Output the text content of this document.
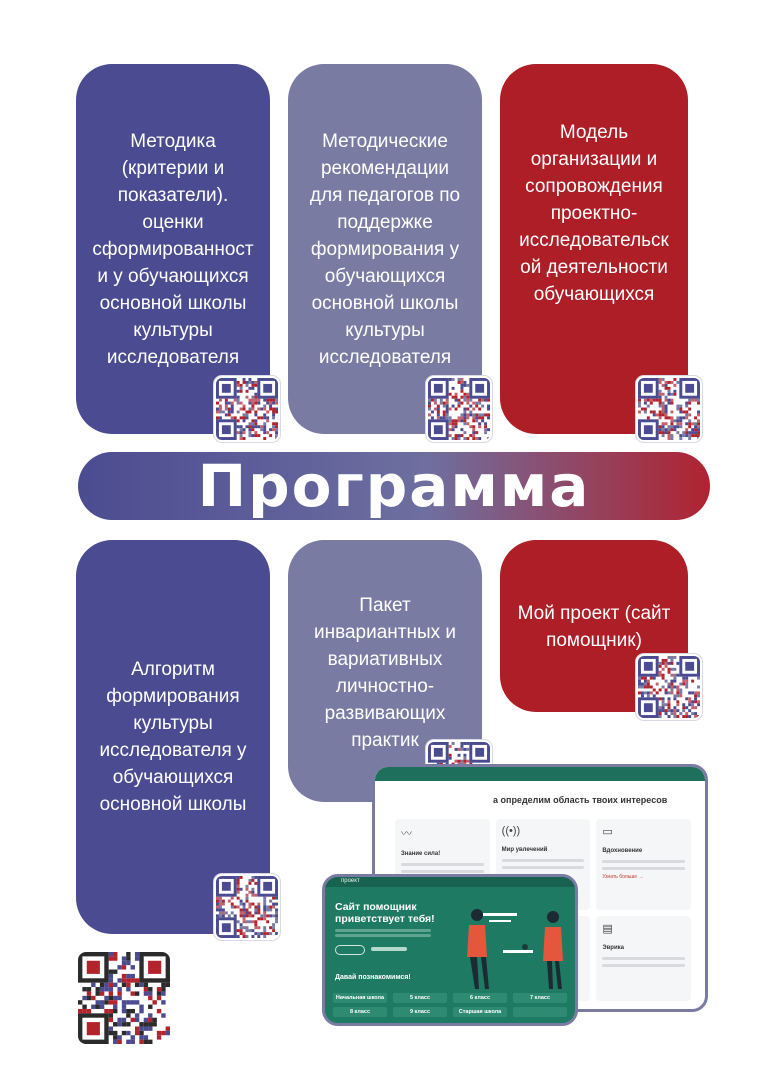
Методика
(критерии и
показатели).
оценки
сформированност
и у обучающихся
основной школы
культуры
исследователя
Методические
рекомендации
для педагогов по
поддержке
формирования у
обучающихся
основной школы
культуры
исследователя
Модель
организации и
сопровождения
проектно-
исследовательск
ой деятельности
обучающихся
Программа
Алгоритм
формирования
культуры
исследователя у
обучающихся
основной школы
Пакет
инвариантных и
вариативных
личностно-
развивающих
практик
Мой проект (сайт
помощник)
а определим область твоих интересов
〰
Знание сила!
((•))
Мир увлечений
▭
Вдохновение
Узнать больше →
▤
Эврика
проект
Сайт помощник
приветствует тебя!
Давай познакомимся!
Начальная школа	5 класс	6 класс	7 класс
8 класс	9 класс	Старшая школа
